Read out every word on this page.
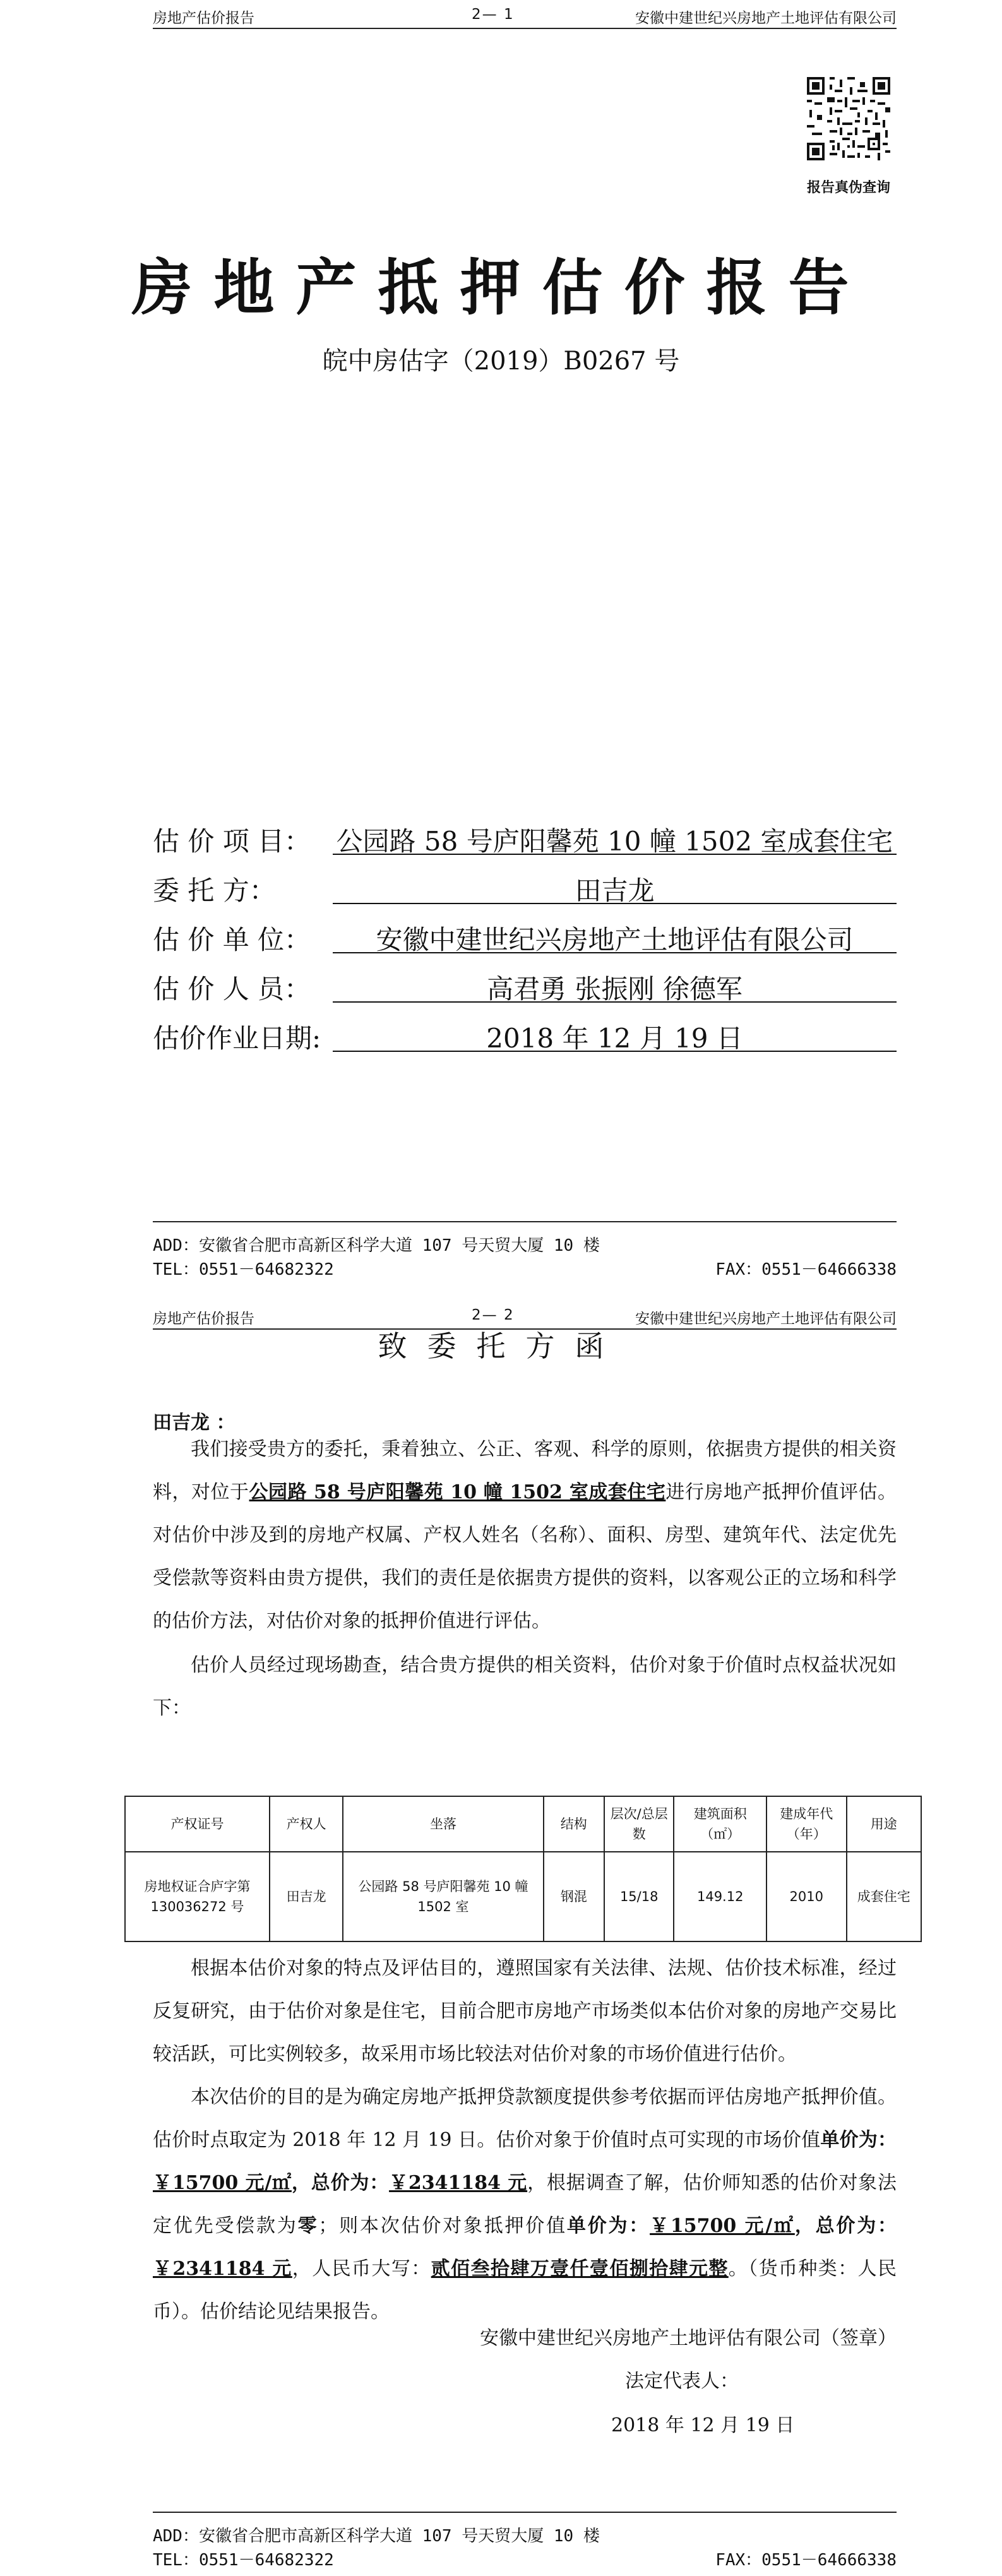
房地产估价报告	2— 1	安徽中建世纪兴房地产土地评估有限公司
报告真伪查询
房地产抵押估价报告
皖中房估字（2019）B0267 号
估 价 项 目： 公园路 58 号庐阳馨苑 10 幢 1502 室成套住宅
委 托 方：	田吉龙
估 价 单 位：	安徽中建世纪兴房地产土地评估有限公司
估 价 人 员：	高君勇 张振刚 徐德军
估价作业日期:	2018 年 12 月 19 日
ADD：安徽省合肥市高新区科学大道 107 号天贸大厦 10 楼
TEL：0551－64682322	FAX：0551－64666338
房地产估价报告	2— 2	安徽中建世纪兴房地产土地评估有限公司
致委托方函
田吉龙 ：

我们接受贵方的委托，秉着独立、公正、客观、科学的原则，依据贵方提供的相关资料，对位于公园路 58 号庐阳馨苑 10 幢 1502 室成套住宅进行房地产抵押价值评估。对估价中涉及到的房地产权属、产权人姓名（名称）、面积、房型、建筑年代、法定优先受偿款等资料由贵方提供，我们的责任是依据贵方提供的资料，以客观公正的立场和科学的估价方法，对估价对象的抵押价值进行评估。

估价人员经过现场勘查，结合贵方提供的相关资料，估价对象于价值时点权益状况如下：

产权证号	产权人	坐落	结构	层次/总层数	建筑面积（㎡）	建成年代（年）	用途
房地权证合庐字第 130036272 号	田吉龙	公园路 58 号庐阳馨苑 10 幢 1502 室	钢混	15/18	149.12	2010	成套住宅

根据本估价对象的特点及评估目的，遵照国家有关法律、法规、估价技术标准，经过反复研究，由于估价对象是住宅，目前合肥市房地产市场类似本估价对象的房地产交易比较活跃，可比实例较多，故采用市场比较法对估价对象的市场价值进行估价。

本次估价的目的是为确定房地产抵押贷款额度提供参考依据而评估房地产抵押价值。估价时点取定为 2018 年 12 月 19 日。估价对象于价值时点可实现的市场价值单价为：￥15700 元/㎡，总价为：￥2341184 元，根据调查了解，估价师知悉的估价对象法定优先受偿款为零；则本次估价对象抵押价值单价为：￥15700 元/㎡，总价为：￥2341184 元，人民币大写：贰佰叁拾肆万壹仟壹佰捌拾肆元整。（货币种类：人民币）。估价结论见结果报告。

安徽中建世纪兴房地产土地评估有限公司（签章）
法定代表人：
2018 年 12 月 19 日
ADD：安徽省合肥市高新区科学大道 107 号天贸大厦 10 楼
TEL：0551－64682322	FAX：0551－64666338
